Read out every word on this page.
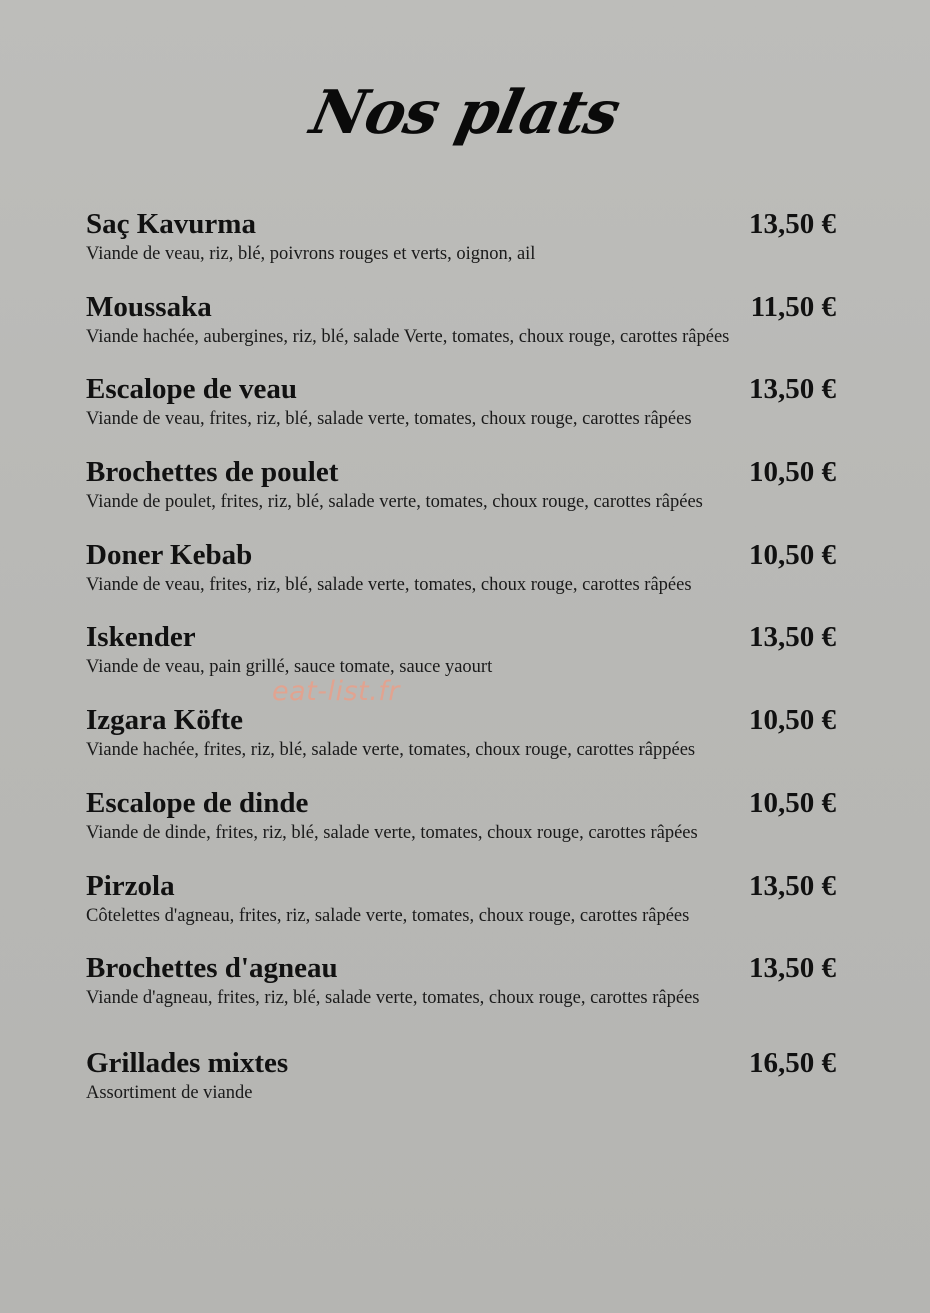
Nos plats
Saç Kavurma	13,50 €
Viande de veau, riz, blé, poivrons rouges et verts, oignon, ail
Moussaka	11,50 €
Viande hachée, aubergines, riz, blé, salade Verte, tomates, choux rouge, carottes râpées
Escalope de veau	13,50 €
Viande de veau, frites, riz, blé, salade verte, tomates, choux rouge, carottes râpées
Brochettes de poulet	10,50 €
Viande de poulet, frites, riz, blé, salade verte, tomates, choux rouge, carottes râpées
Doner Kebab	10,50 €
Viande de veau, frites, riz, blé, salade verte, tomates, choux rouge, carottes râpées
Iskender	13,50 €
Viande de veau, pain grillé, sauce tomate, sauce yaourt
Izgara Köfte	10,50 €
Viande hachée, frites, riz, blé, salade verte, tomates, choux rouge, carottes râppées
Escalope de dinde	10,50 €
Viande de dinde, frites, riz, blé, salade verte, tomates, choux rouge, carottes râpées
Pirzola	13,50 €
Côtelettes d'agneau, frites, riz, salade verte, tomates, choux rouge, carottes râpées
Brochettes d'agneau	13,50 €
Viande d'agneau, frites, riz, blé, salade verte, tomates, choux rouge, carottes râpées
Grillades mixtes	16,50 €
Assortiment de viande
eat-list.fr
